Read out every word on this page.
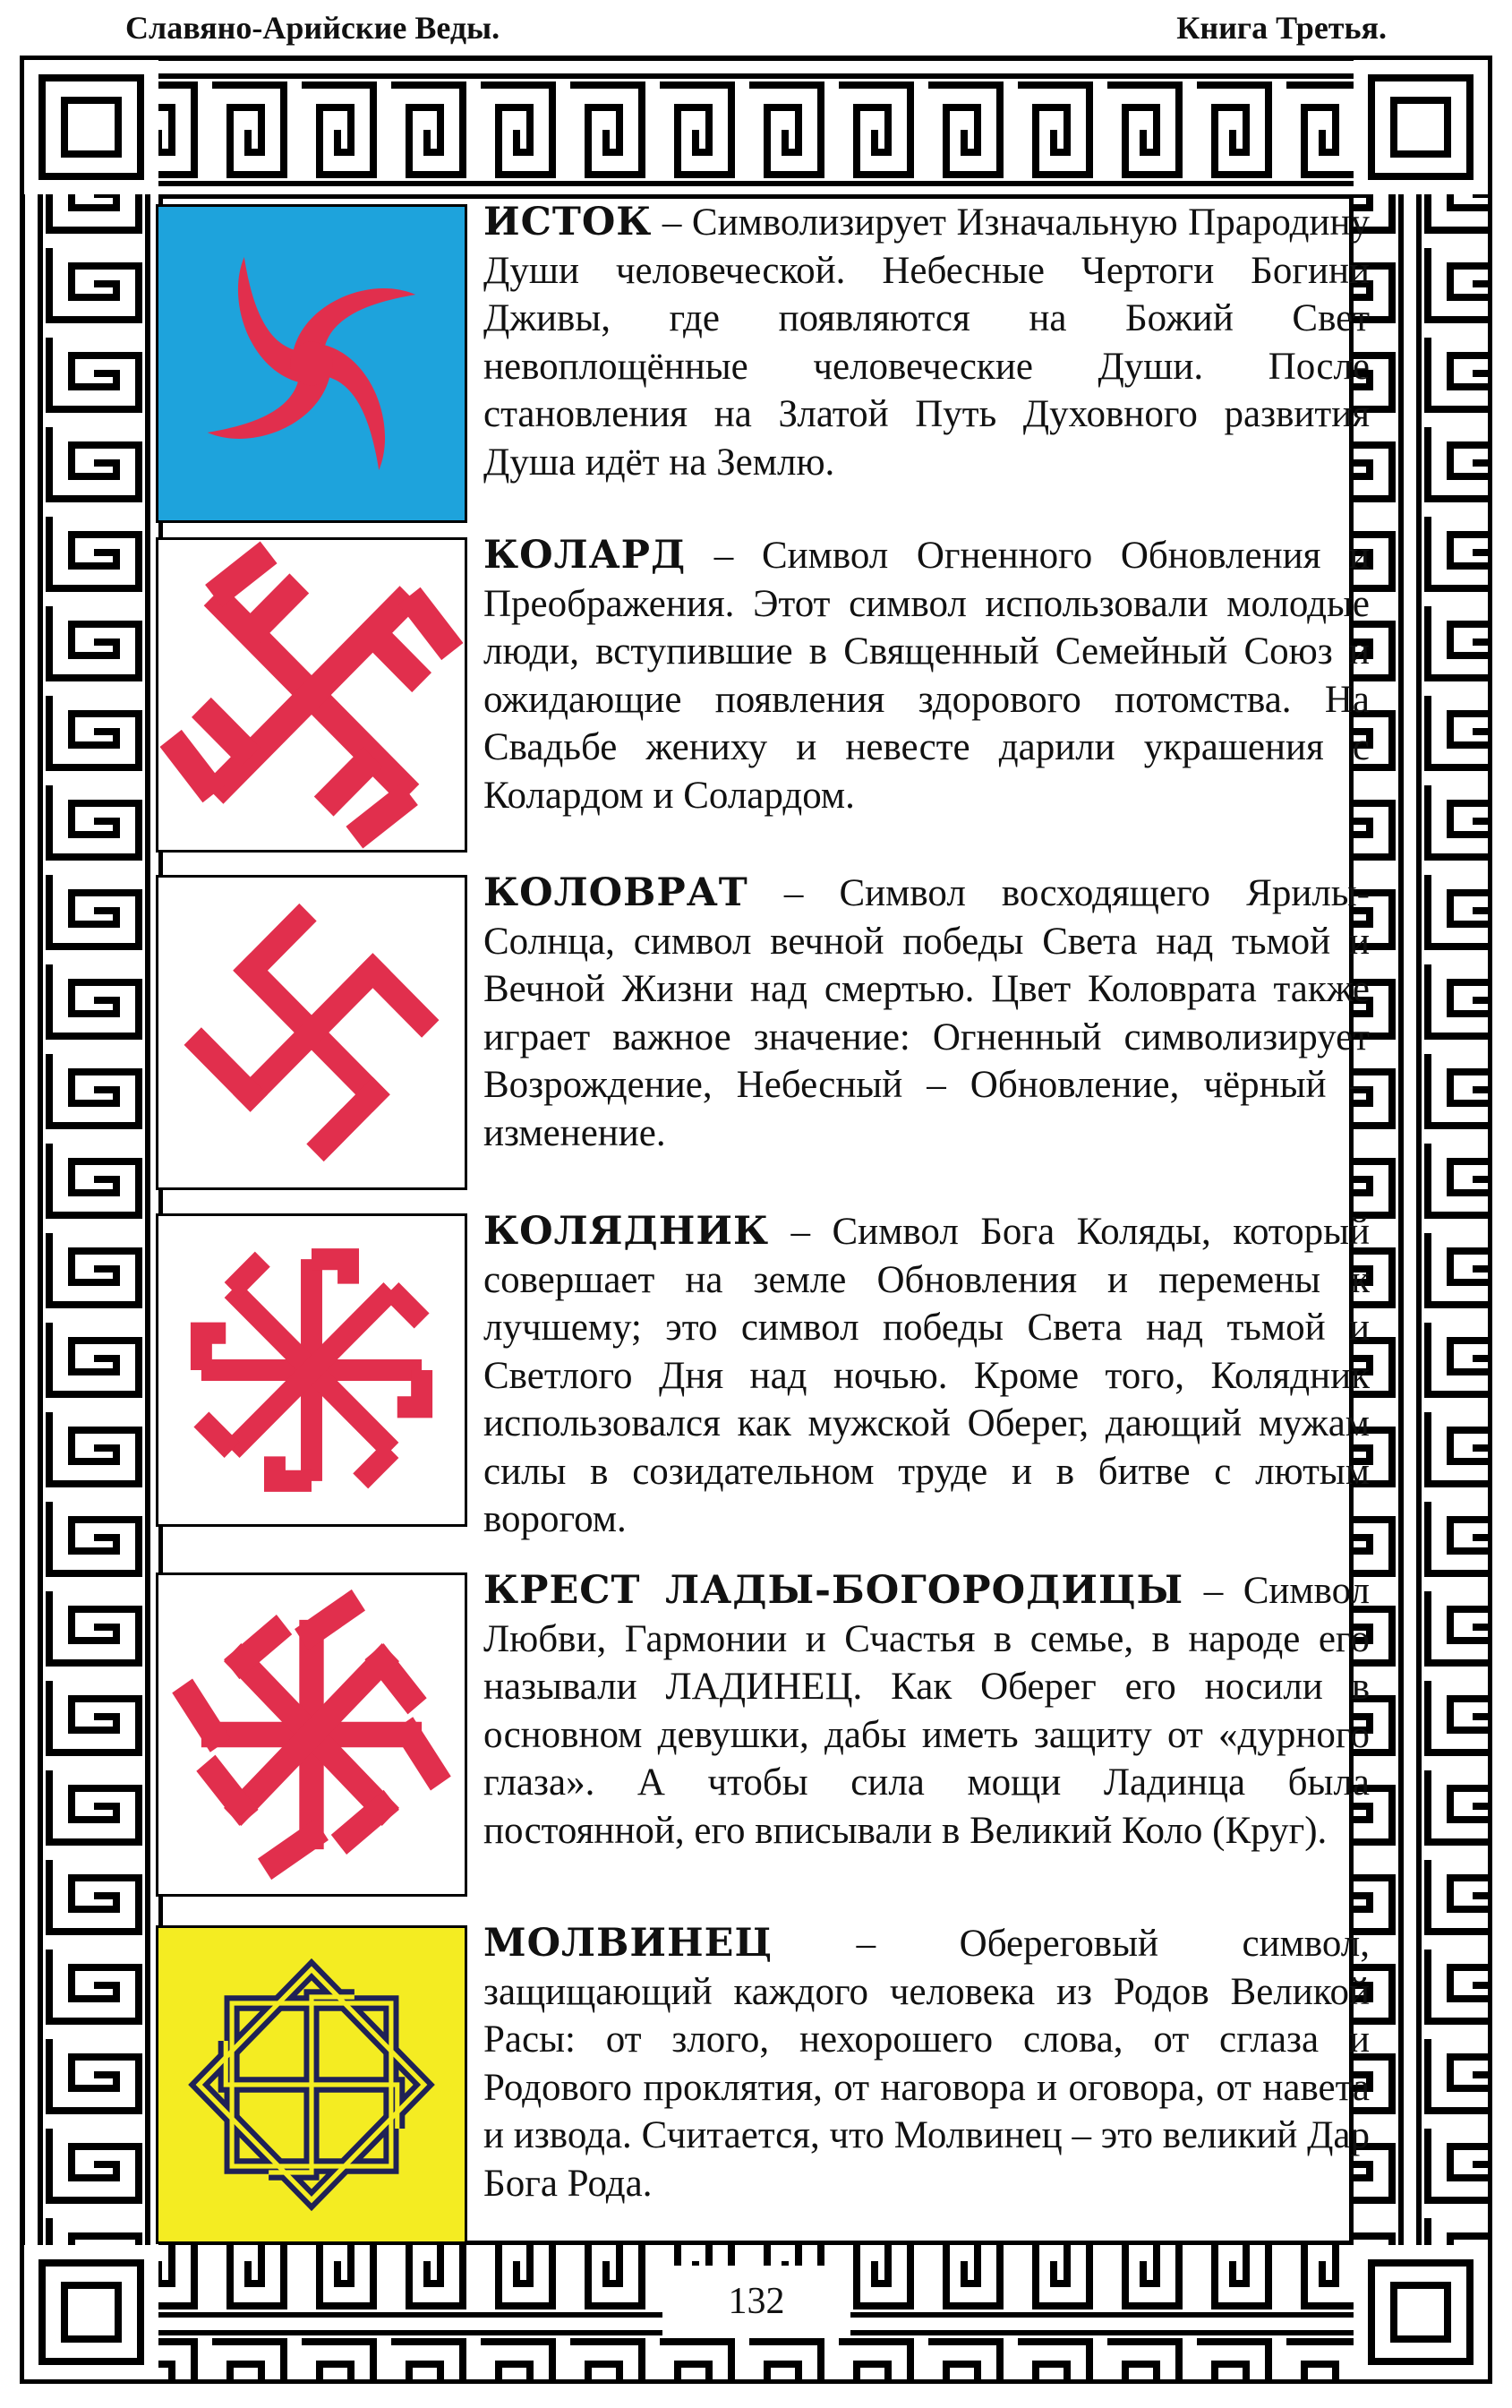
Славяно-Арийские Веды.	Книга Третья.
ИСТОК – Символизирует Изначальную Прародину Души человеческой. Небесные Чертоги Богини Дживы, где появляются на Божий Свет невоплощённые человеческие Души. После становления на Златой Путь Духовного развития Душа идёт на Землю.
КОЛАРД – Символ Огненного Обновления и Преображения. Этот символ использовали молодые люди, вступившие в Священный Семейный Союз и ожидающие появления здорового потомства. На Свадьбе жениху и невесте дарили украшения с Колардом и Солардом.
КОЛОВРАТ – Символ восходящего Ярилы-Солнца, символ вечной победы Света над тьмой и Вечной Жизни над смертью. Цвет Коловрата также играет важное значение: Огненный символизирует Возрождение, Небесный – Обновление, чёрный – изменение.
КОЛЯДНИК – Символ Бога Коляды, который совершает на земле Обновления и перемены к лучшему; это символ победы Света над тьмой и Светлого Дня над ночью. Кроме того, Колядник использовался как мужской Оберег, дающий мужам силы в созидательном труде и в битве с лютым ворогом.
КРЕСТ ЛАДЫ-БОГОРОДИЦЫ – Символ Любви, Гармонии и Счастья в семье, в народе его называли ЛАДИНЕЦ. Как Оберег его носили в основном девушки, дабы иметь защиту от «дурного глаза». А чтобы сила мощи Ладинца была постоянной, его вписывали в Великий Коло (Круг).
МОЛВИНЕЦ – Обереговый символ, защищающий каждого человека из Родов Великой Расы: от злого, нехорошего слова, от сглаза и Родового проклятия, от наговора и оговора, от навета и извода. Считается, что Молвинец – это великий Дар Бога Рода.
132
